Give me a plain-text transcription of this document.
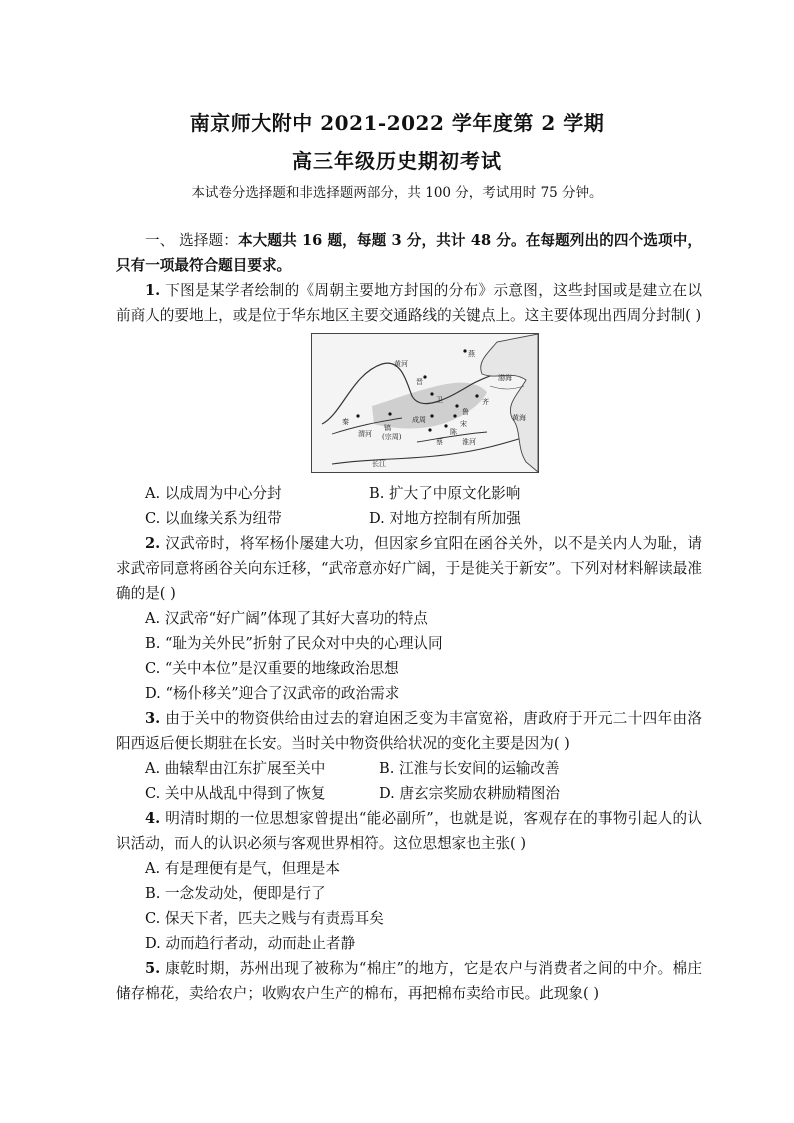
南京师大附中 2021-2022 学年度第 2 学期
高三年级历史期初考试
本试卷分选择题和非选择题两部分，共 100 分，考试用时 75 分钟。

一、 选择题：本大题共 16 题，每题 3 分，共计 48 分。在每题列出的四个选项中，只有一项最符合题目要求。

1. 下图是某学者绘制的《周朝主要地方封国的分布》示意图，这些封国或是建立在以前商人的要地上，或是位于华东地区主要交通路线的关键点上。这主要体现出西周分封制( )

燕
渤海
黄河
晋
卫	齐
鲁
宋
成周
镐
(宗周)
渭河
淮河
长江
黄海
秦
蔡
陈
A. 以成周为中心分封	B. 扩大了中原文化影响
C. 以血缘关系为纽带	D. 对地方控制有所加强

2. 汉武帝时，将军杨仆屡建大功，但因家乡宜阳在函谷关外，以不是关内人为耻，请求武帝同意将函谷关向东迁移，“武帝意亦好广阔，于是徙关于新安”。下列对材料解读最准确的是( )

A. 汉武帝“好广阔”体现了其好大喜功的特点

B. “耻为关外民”折射了民众对中央的心理认同

C. “关中本位”是汉重要的地缘政治思想

D. “杨仆移关”迎合了汉武帝的政治需求

3. 由于关中的物资供给由过去的窘迫困乏变为丰富宽裕，唐政府于开元二十四年由洛阳西返后便长期驻在长安。当时关中物资供给状况的变化主要是因为( )

A. 曲辕犁由江东扩展至关中	B. 江淮与长安间的运输改善
C. 关中从战乱中得到了恢复	D. 唐玄宗奖励农耕励精图治

4. 明清时期的一位思想家曾提出“能必副所”，也就是说，客观存在的事物引起人的认识活动，而人的认识必须与客观世界相符。这位思想家也主张( )

A. 有是理便有是气，但理是本

B. 一念发动处，便即是行了

C. 保天下者，匹夫之贱与有责焉耳矣

D. 动而趋行者动，动而赴止者静

5. 康乾时期，苏州出现了被称为“棉庄”的地方，它是农户与消费者之间的中介。棉庄储存棉花，卖给农户；收购农户生产的棉布，再把棉布卖给市民。此现象( )
